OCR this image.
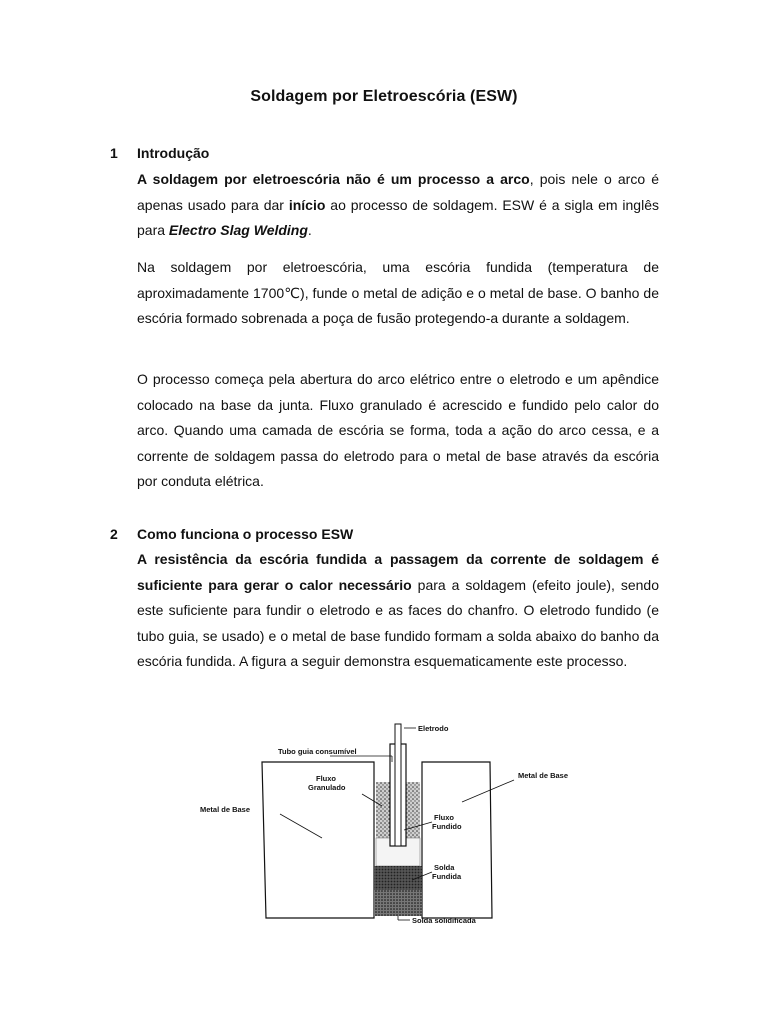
Soldagem por Eletroescória (ESW)
1 Introdução
A soldagem por eletroescória não é um processo a arco, pois nele o arco é apenas usado para dar início ao processo de soldagem. ESW é a sigla em inglês para Electro Slag Welding.
Na soldagem por eletroescória, uma escória fundida (temperatura de aproximadamente 1700℃), funde o metal de adição e o metal de base. O banho de escória formado sobrenada a poça de fusão protegendo-a durante a soldagem.
O processo começa pela abertura do arco elétrico entre o eletrodo e um apêndice colocado na base da junta. Fluxo granulado é acrescido e fundido pelo calor do arco. Quando uma camada de escória se forma, toda a ação do arco cessa, e a corrente de soldagem passa do eletrodo para o metal de base através da escória por conduta elétrica.
2 Como funciona o processo ESW
A resistência da escória fundida a passagem da corrente de soldagem é suficiente para gerar o calor necessário para a soldagem (efeito joule), sendo este suficiente para fundir o eletrodo e as faces do chanfro. O eletrodo fundido (e tubo guia, se usado) e o metal de base fundido formam a solda abaixo do banho da escória fundida. A figura a seguir demonstra esquematicamente este processo.
Eletrodo
Tubo guia consumível
Metal de Base
Metal de Base
Fluxo
Granulado
Fluxo
Fundido
Solda
Fundida
Solda solidificada
